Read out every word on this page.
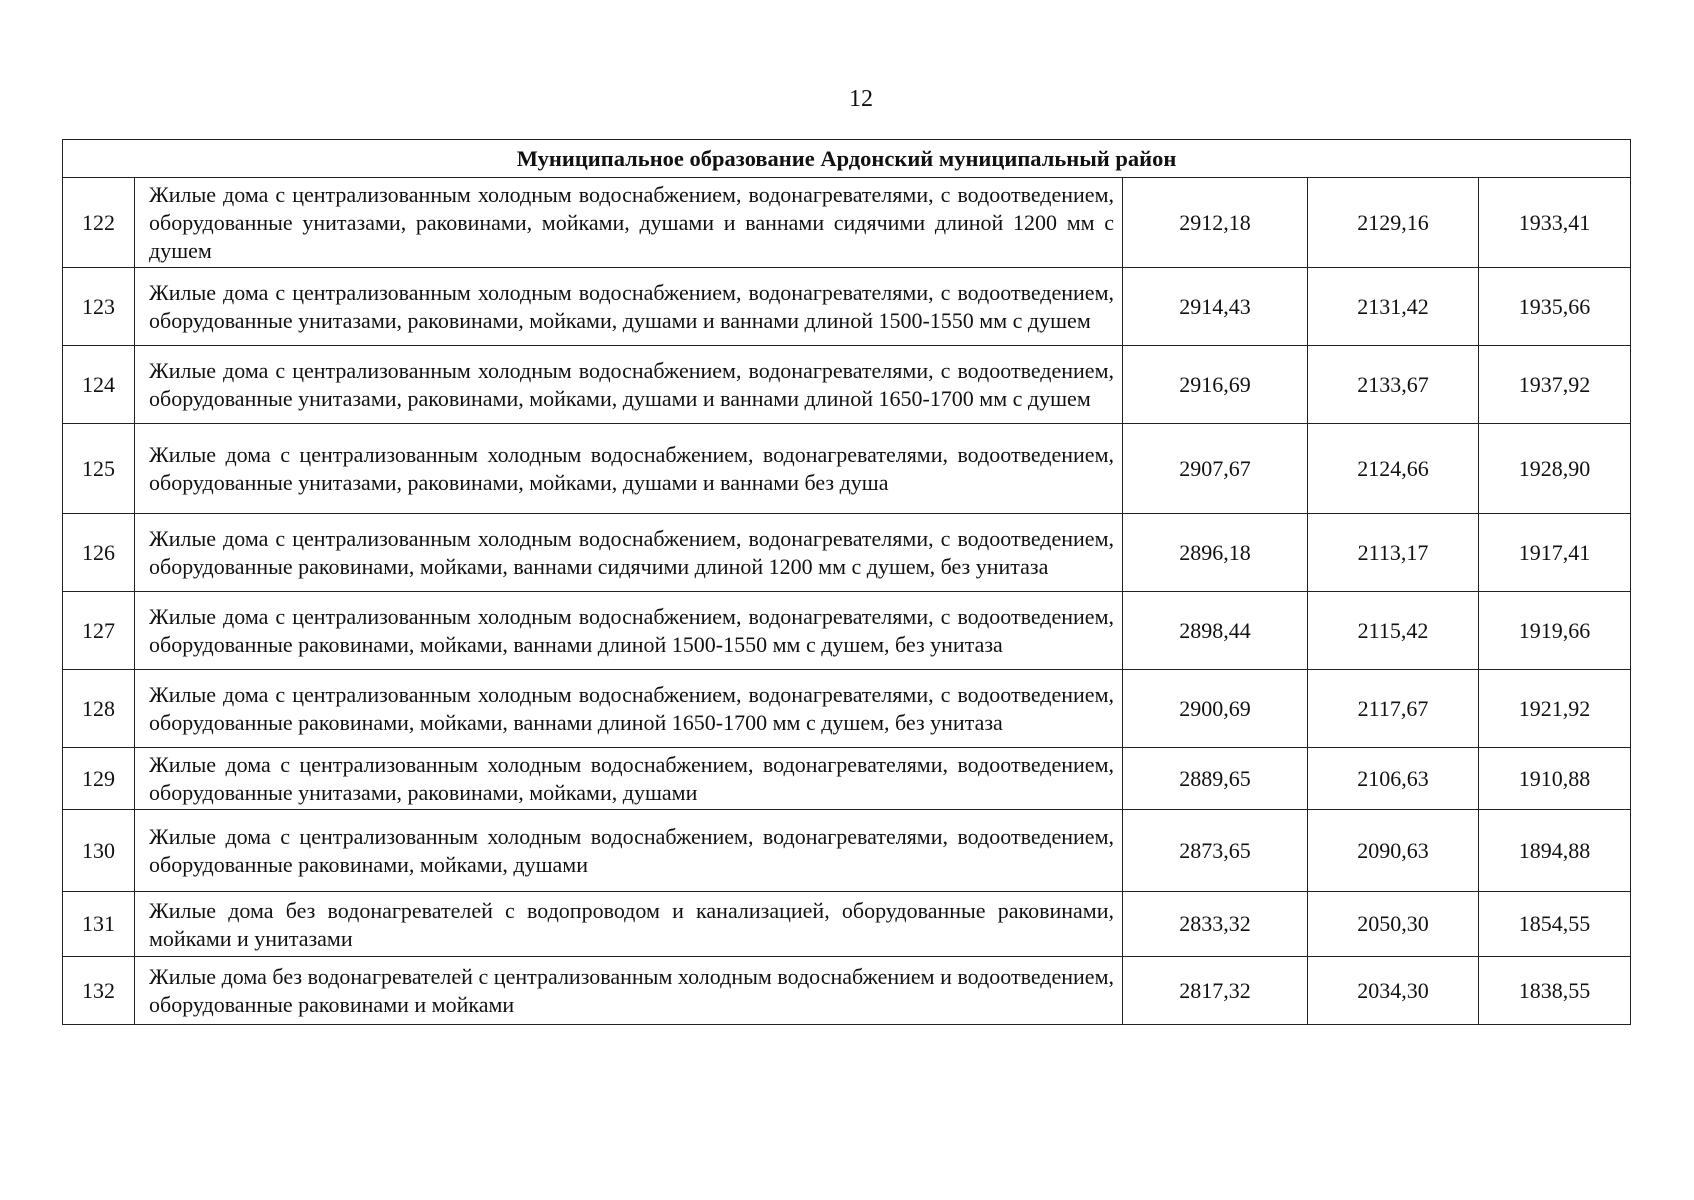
12
Муниципальное образование Ардонский муниципальный район				
122	Жилые дома с централизованным холодным водоснабжением, водонагревателями, с водоотведением, оборудованные унитазами, раковинами, мойками, душами и ваннами сидячими длиной 1200 мм с душем	2912,18	2129,16	1933,41
123	Жилые дома с централизованным холодным водоснабжением, водонагревателями, с водоотведением, оборудованные унитазами, раковинами, мойками, душами и ваннами длиной 1500-1550 мм с душем	2914,43	2131,42	1935,66
124	Жилые дома с централизованным холодным водоснабжением, водонагревателями, с водоотведением, оборудованные унитазами, раковинами, мойками, душами и ваннами длиной 1650-1700 мм с душем	2916,69	2133,67	1937,92
125	Жилые дома с централизованным холодным водоснабжением, водонагревателями, водоотведением, оборудованные унитазами, раковинами, мойками, душами и ваннами без душа	2907,67	2124,66	1928,90
126	Жилые дома с централизованным холодным водоснабжением, водонагревателями, с водоотведением, оборудованные раковинами, мойками, ваннами сидячими длиной 1200 мм с душем, без унитаза	2896,18	2113,17	1917,41
127	Жилые дома с централизованным холодным водоснабжением, водонагревателями, с водоотведением, оборудованные раковинами, мойками, ваннами длиной 1500-1550 мм с душем, без унитаза	2898,44	2115,42	1919,66
128	Жилые дома с централизованным холодным водоснабжением, водонагревателями, с водоотведением, оборудованные раковинами, мойками, ваннами длиной 1650-1700 мм с душем, без унитаза	2900,69	2117,67	1921,92
129	Жилые дома с централизованным холодным водоснабжением, водонагревателями, водоотведением, оборудованные унитазами, раковинами, мойками, душами	2889,65	2106,63	1910,88
130	Жилые дома с централизованным холодным водоснабжением, водонагревателями, водоотведением, оборудованные раковинами, мойками, душами	2873,65	2090,63	1894,88
131	Жилые дома без водонагревателей с водопроводом и канализацией, оборудованные раковинами, мойками и унитазами	2833,32	2050,30	1854,55
132	Жилые дома без водонагревателей с централизованным холодным водоснабжением и водоотведением, оборудованные раковинами и мойками	2817,32	2034,30	1838,55
